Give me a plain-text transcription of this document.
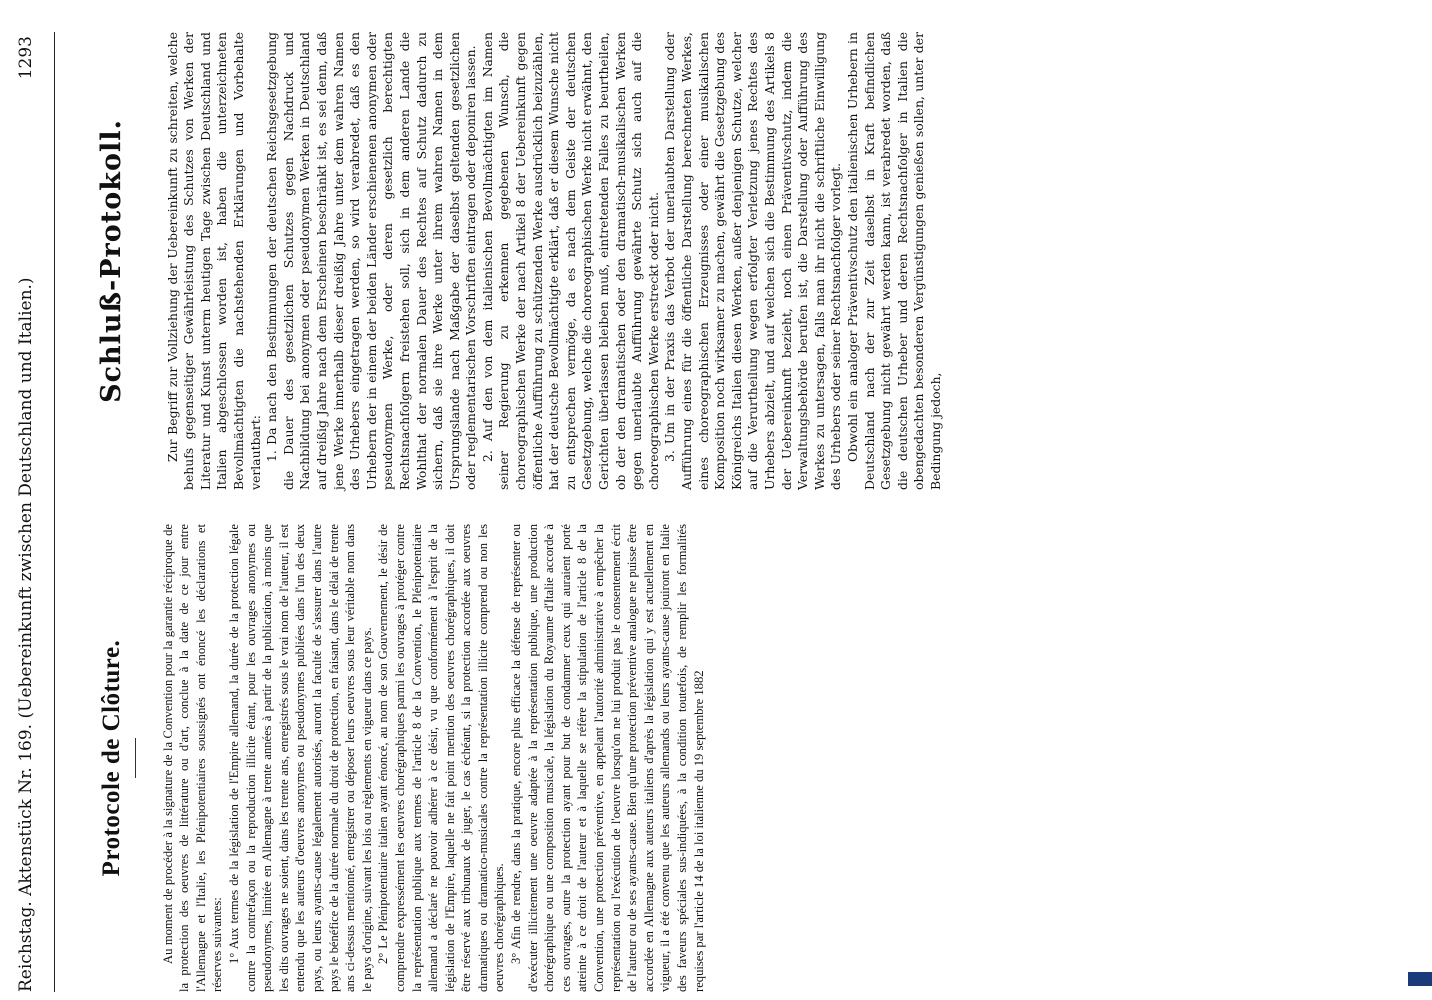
Reichstag. Aktenstück Nr. 169. (Uebereinkunft zwischen Deutschland und Italien.)
1293
Protocole de Clôture.	Au moment de procéder à la signature de la Convention pour la garantie réciproque de la protection des oeuvres de littérature ou d'art, conclue à la date de ce jour entre l'Allemagne et l'Italie, les Plénipotentiaires soussignés ont énoncé les déclarations et réserves suivantes: 1° Aux termes de la législation de l'Empire allemand, la durée de la protection légale contre la contrefaçon ou la reproduction illicite étant, pour les ouvrages anonymes ou pseudonymes, limitée en Allemagne à trente années à partir de la publication, à moins que les dits ouvrages ne soient, dans les trente ans, enregistrés sous le vrai nom de l'auteur, il est entendu que les auteurs d'oeuvres anonymes ou pseudonymes publiées dans l'un des deux pays, ou leurs ayants-cause légalement autorisés, auront la faculté de s'assurer dans l'autre pays le bénéfice de la durée normale du droit de protection, en faisant, dans le délai de trente ans ci-dessus mentionné, enregistrer ou déposer leurs oeuvres sous leur véritable nom dans le pays d'origine, suivant les lois ou règlements en vigueur dans ce pays. 2° Le Plénipotentiaire italien ayant énoncé, au nom de son Gouvernement, le désir de comprendre expressément les oeuvres chorégraphiques parmi les ouvrages à protéger contre la représentation publique aux termes de l'article 8 de la Convention, le Plénipotentiaire allemand a déclaré ne pouvoir adhérer à ce désir, vu que conformément à l'esprit de la législation de l'Empire, laquelle ne fait point mention des oeuvres chorégraphiques, il doit être réservé aux tribunaux de juger, le cas échéant, si la protection accordée aux oeuvres dramatiques ou dramatico-musicales contre la représentation illicite comprend ou non les oeuvres chorégraphiques. 3° Afin de rendre, dans la pratique, encore plus efficace la défense de représenter ou d'exécuter illicitement une oeuvre adaptée à la représentation publique, une production chorégraphique ou une composition musicale, la législation du Royaume d'Italie accorde à ces ouvrages, outre la protection ayant pour but de condamner ceux qui auraient porté atteinte à ce droit de l'auteur et à laquelle se réfère la stipulation de l'article 8 de la Convention, une protection préventive, en appelant l'autorité administrative à empêcher la représentation ou l'exécution de l'oeuvre lorsqu'on ne lui produit pas le consentement écrit de l'auteur ou de ses ayants-cause. Bien qu'une protection préventive analogue ne puisse être accordée en Allemagne aux auteurs italiens d'après la législation qui y est actuellement en vigueur, il a été convenu que les auteurs allemands ou leurs ayants-cause jouiront en Italie des faveurs spéciales sus-indiquées, à la condition toutefois, de remplir les formalités requises par l'article 14 de la loi italienne du 19 septembre 1882

Schluß-Protokoll.	Zur Begriff zur Vollziehung der Uebereinkunft zu schreiten, welche behufs gegenseitiger Gewährleistung des Schutzes von Werken der Literatur und Kunst unterm heutigen Tage zwischen Deutschland und Italien abgeschlossen worden ist, haben die unterzeichneten Bevollmächtigten die nachstehenden Erklärungen und Vorbehalte verlautbart: 1. Da nach den Bestimmungen der deutschen Reichsgesetzgebung die Dauer des gesetzlichen Schutzes gegen Nachdruck und Nachbildung bei anonymen oder pseudonymen Werken in Deutschland auf dreißig Jahre nach dem Erscheinen beschränkt ist, es sei denn, daß jene Werke innerhalb dieser dreißig Jahre unter dem wahren Namen des Urhebers eingetragen werden, so wird verabredet, daß es den Urhebern der in einem der beiden Länder erschienenen anonymen oder pseudonymen Werke, oder deren gesetzlich berechtigten Rechtsnachfolgern freistehen soll, sich in dem anderen Lande die Wohlthat der normalen Dauer des Rechtes auf Schutz dadurch zu sichern, daß sie ihre Werke unter ihrem wahren Namen in dem Ursprungslande nach Maßgabe der daselbst geltenden gesetzlichen oder reglementarischen Vorschriften eintragen oder deponiren lassen. 2. Auf den von dem italienischen Bevollmächtigten im Namen seiner Regierung zu erkennen gegebenen Wunsch, die choreographischen Werke der nach Artikel 8 der Uebereinkunft gegen öffentliche Aufführung zu schützenden Werke ausdrücklich beizuzählen, hat der deutsche Bevollmächtigte erklärt, daß er diesem Wunsche nicht zu entsprechen vermöge, da es nach dem Geiste der deutschen Gesetzgebung, welche die choreographischen Werke nicht erwähnt, den Gerichten überlassen bleiben muß, eintretenden Falles zu beurtheilen, ob der den dramatischen oder den dramatisch-musikalischen Werken gegen unerlaubte Aufführung gewährte Schutz sich auch auf die choreographischen Werke erstreckt oder nicht. 3. Um in der Praxis das Verbot der unerlaubten Darstellung oder Aufführung eines für die öffentliche Darstellung berechneten Werkes, eines choreographischen Erzeugnisses oder einer musikalischen Komposition noch wirksamer zu machen, gewährt die Gesetzgebung des Königreichs Italien diesen Werken, außer denjenigen Schutze, welcher auf die Verurtheilung wegen erfolgter Verletzung jenes Rechtes des Urhebers abzielt, und auf welchen sich die Bestimmung des Artikels 8 der Uebereinkunft bezieht, noch einen Präventivschutz, indem die Verwaltungsbehörde berufen ist, die Darstellung oder Aufführung des Werkes zu untersagen, falls man ihr nicht die schriftliche Einwilligung des Urhebers oder seiner Rechtsnachfolger vorlegt. Obwohl ein analoger Präventivschutz den italienischen Urhebern in Deutschland nach der zur Zeit daselbst in Kraft befindlichen Gesetzgebung nicht gewährt werden kann, ist verabredet worden, daß die deutschen Urheber und deren Rechtsnachfolger in Italien die obengedachten besonderen Vergünstigungen genießen sollen, unter der Bedingung jedoch,
